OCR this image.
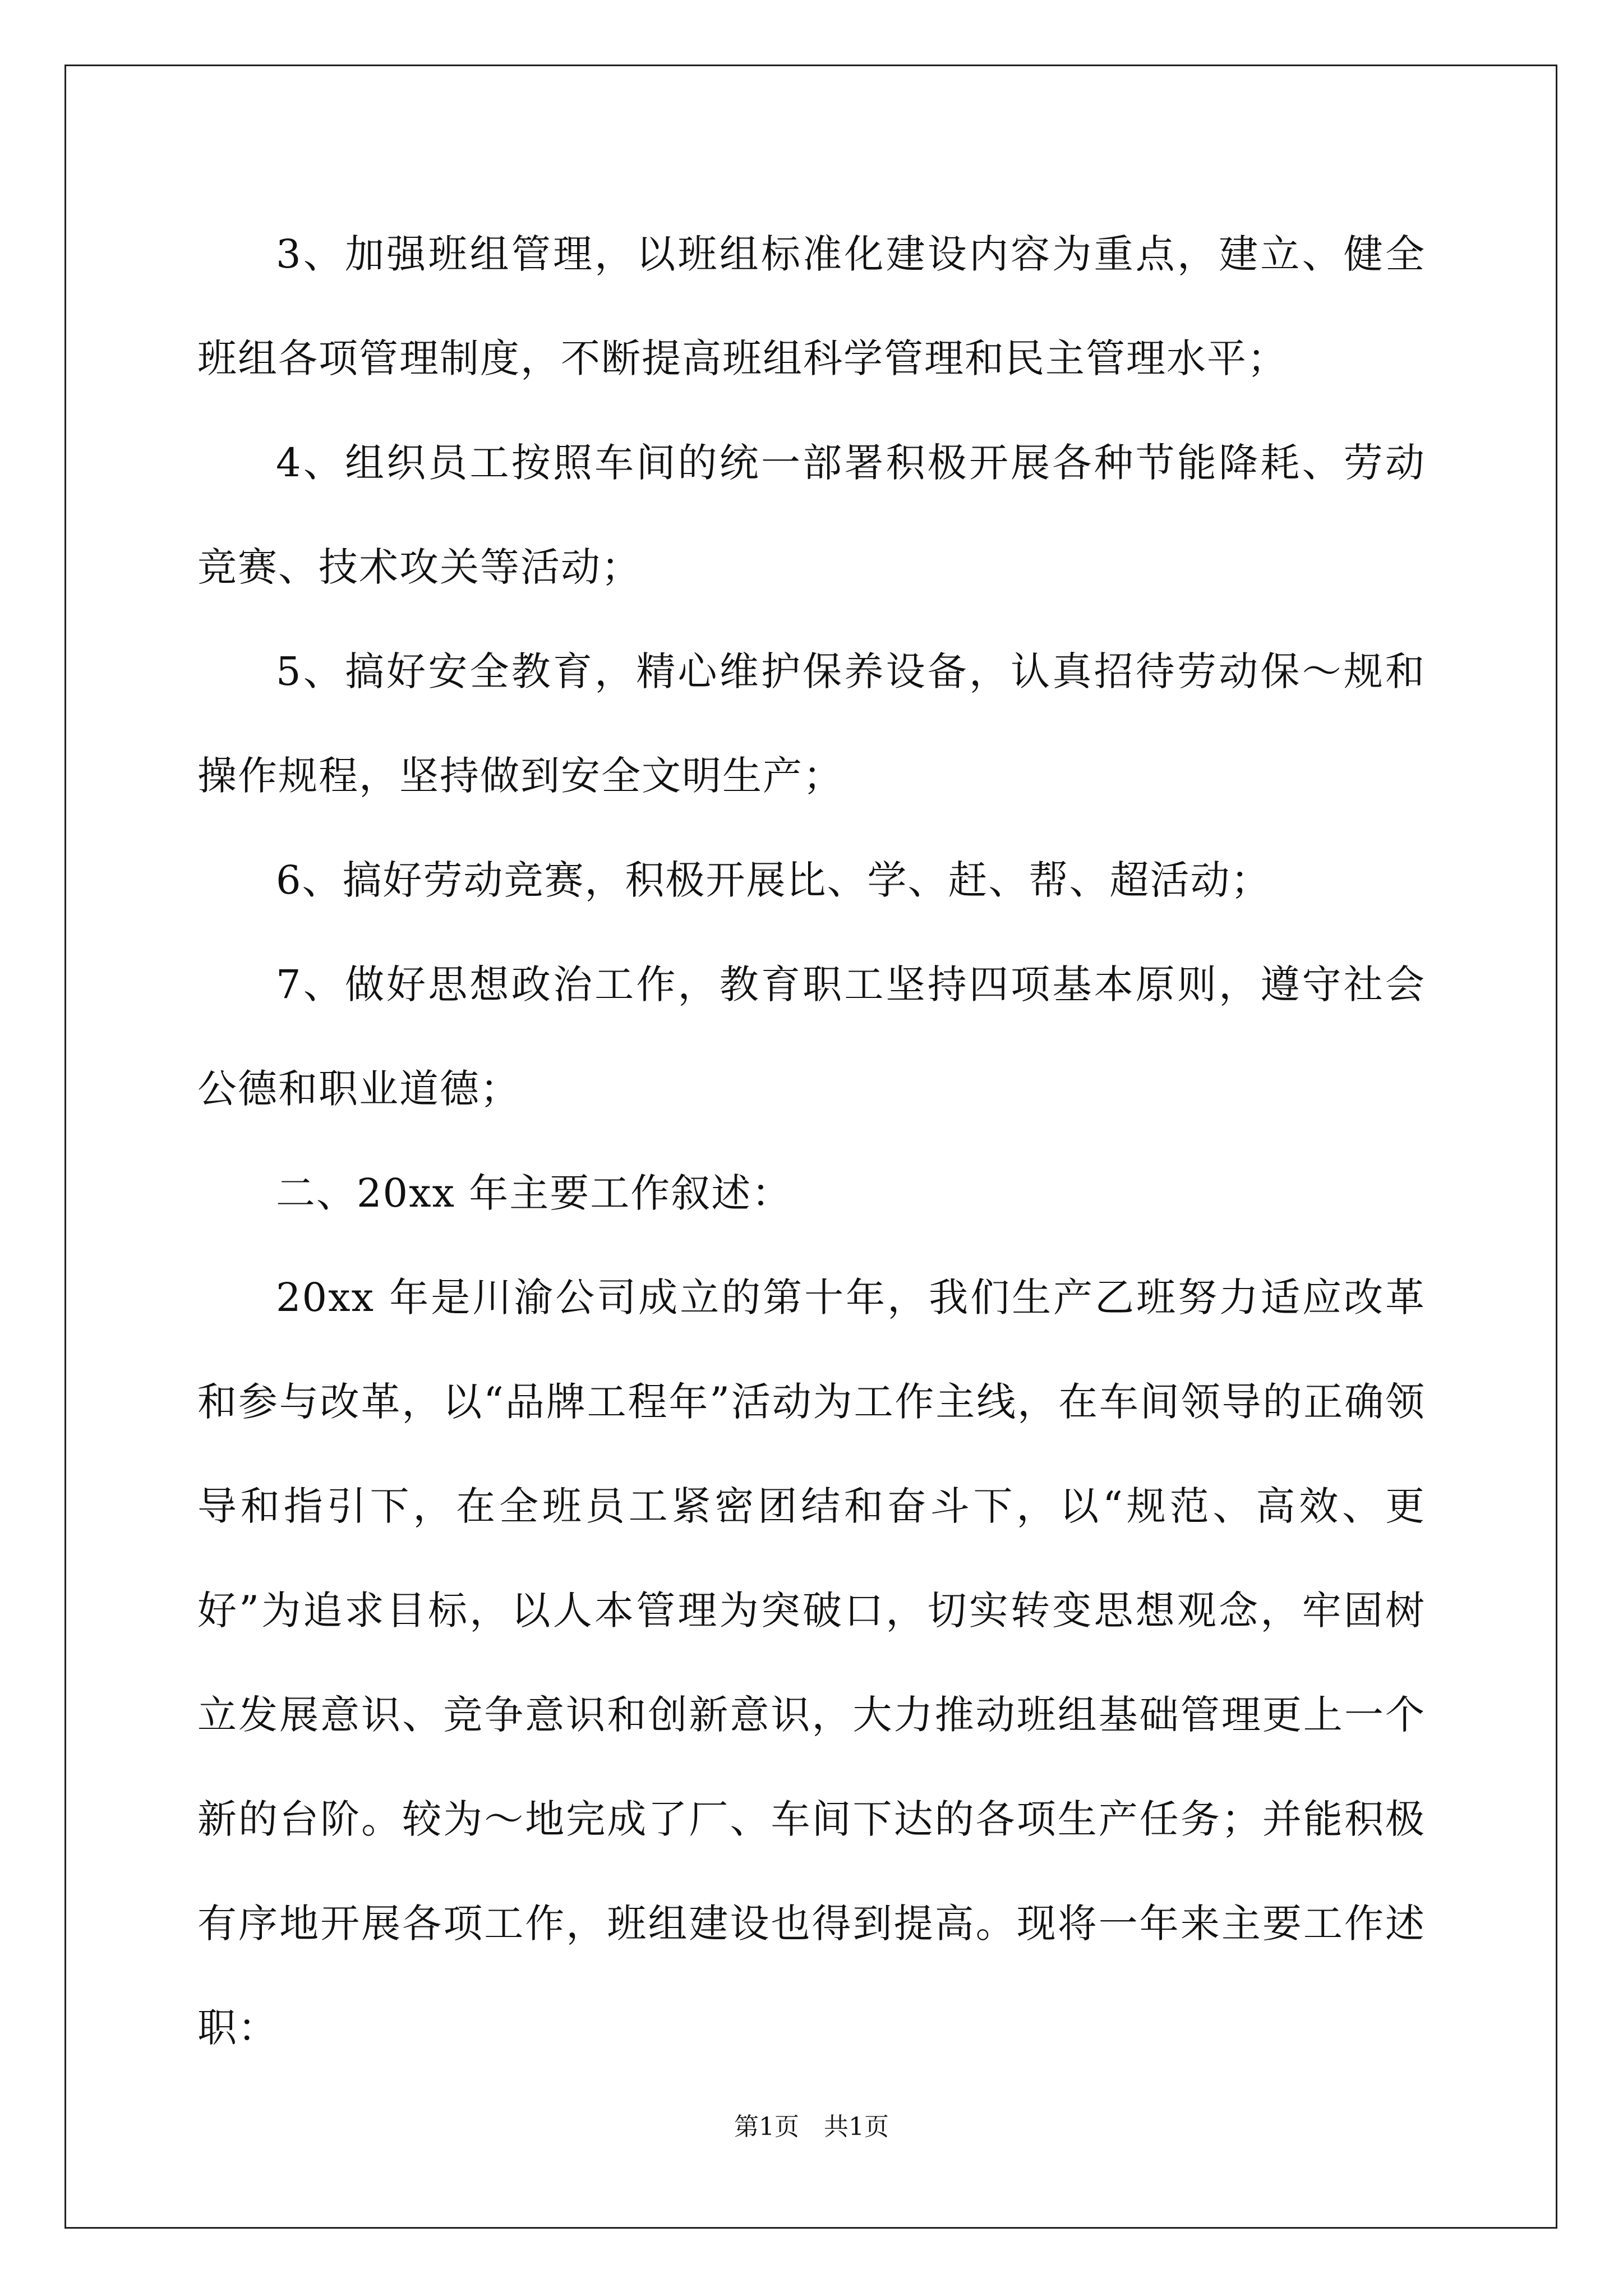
3、加强班组管理，以班组标准化建设内容为重点，建立、健全班组各项管理制度，不断提高班组科学管理和民主管理水平；

4、组织员工按照车间的统一部署积极开展各种节能降耗、劳动竞赛、技术攻关等活动；

5、搞好安全教育，精心维护保养设备，认真招待劳动保～规和操作规程，坚持做到安全文明生产；

6、搞好劳动竞赛，积极开展比、学、赶、帮、超活动；

7、做好思想政治工作，教育职工坚持四项基本原则，遵守社会公德和职业道德；

二、20xx 年主要工作叙述：

20xx 年是川渝公司成立的第十年，我们生产乙班努力适应改革和参与改革，以“品牌工程年”活动为工作主线，在车间领导的正确领导和指引下，在全班员工紧密团结和奋斗下，以“规范、高效、更好”为追求目标，以人本管理为突破口，切实转变思想观念，牢固树立发展意识、竞争意识和创新意识，大力推动班组基础管理更上一个新的台阶。较为～地完成了厂、车间下达的各项生产任务；并能积极有序地开展各项工作，班组建设也得到提高。现将一年来主要工作述职：

第1页　共1页
